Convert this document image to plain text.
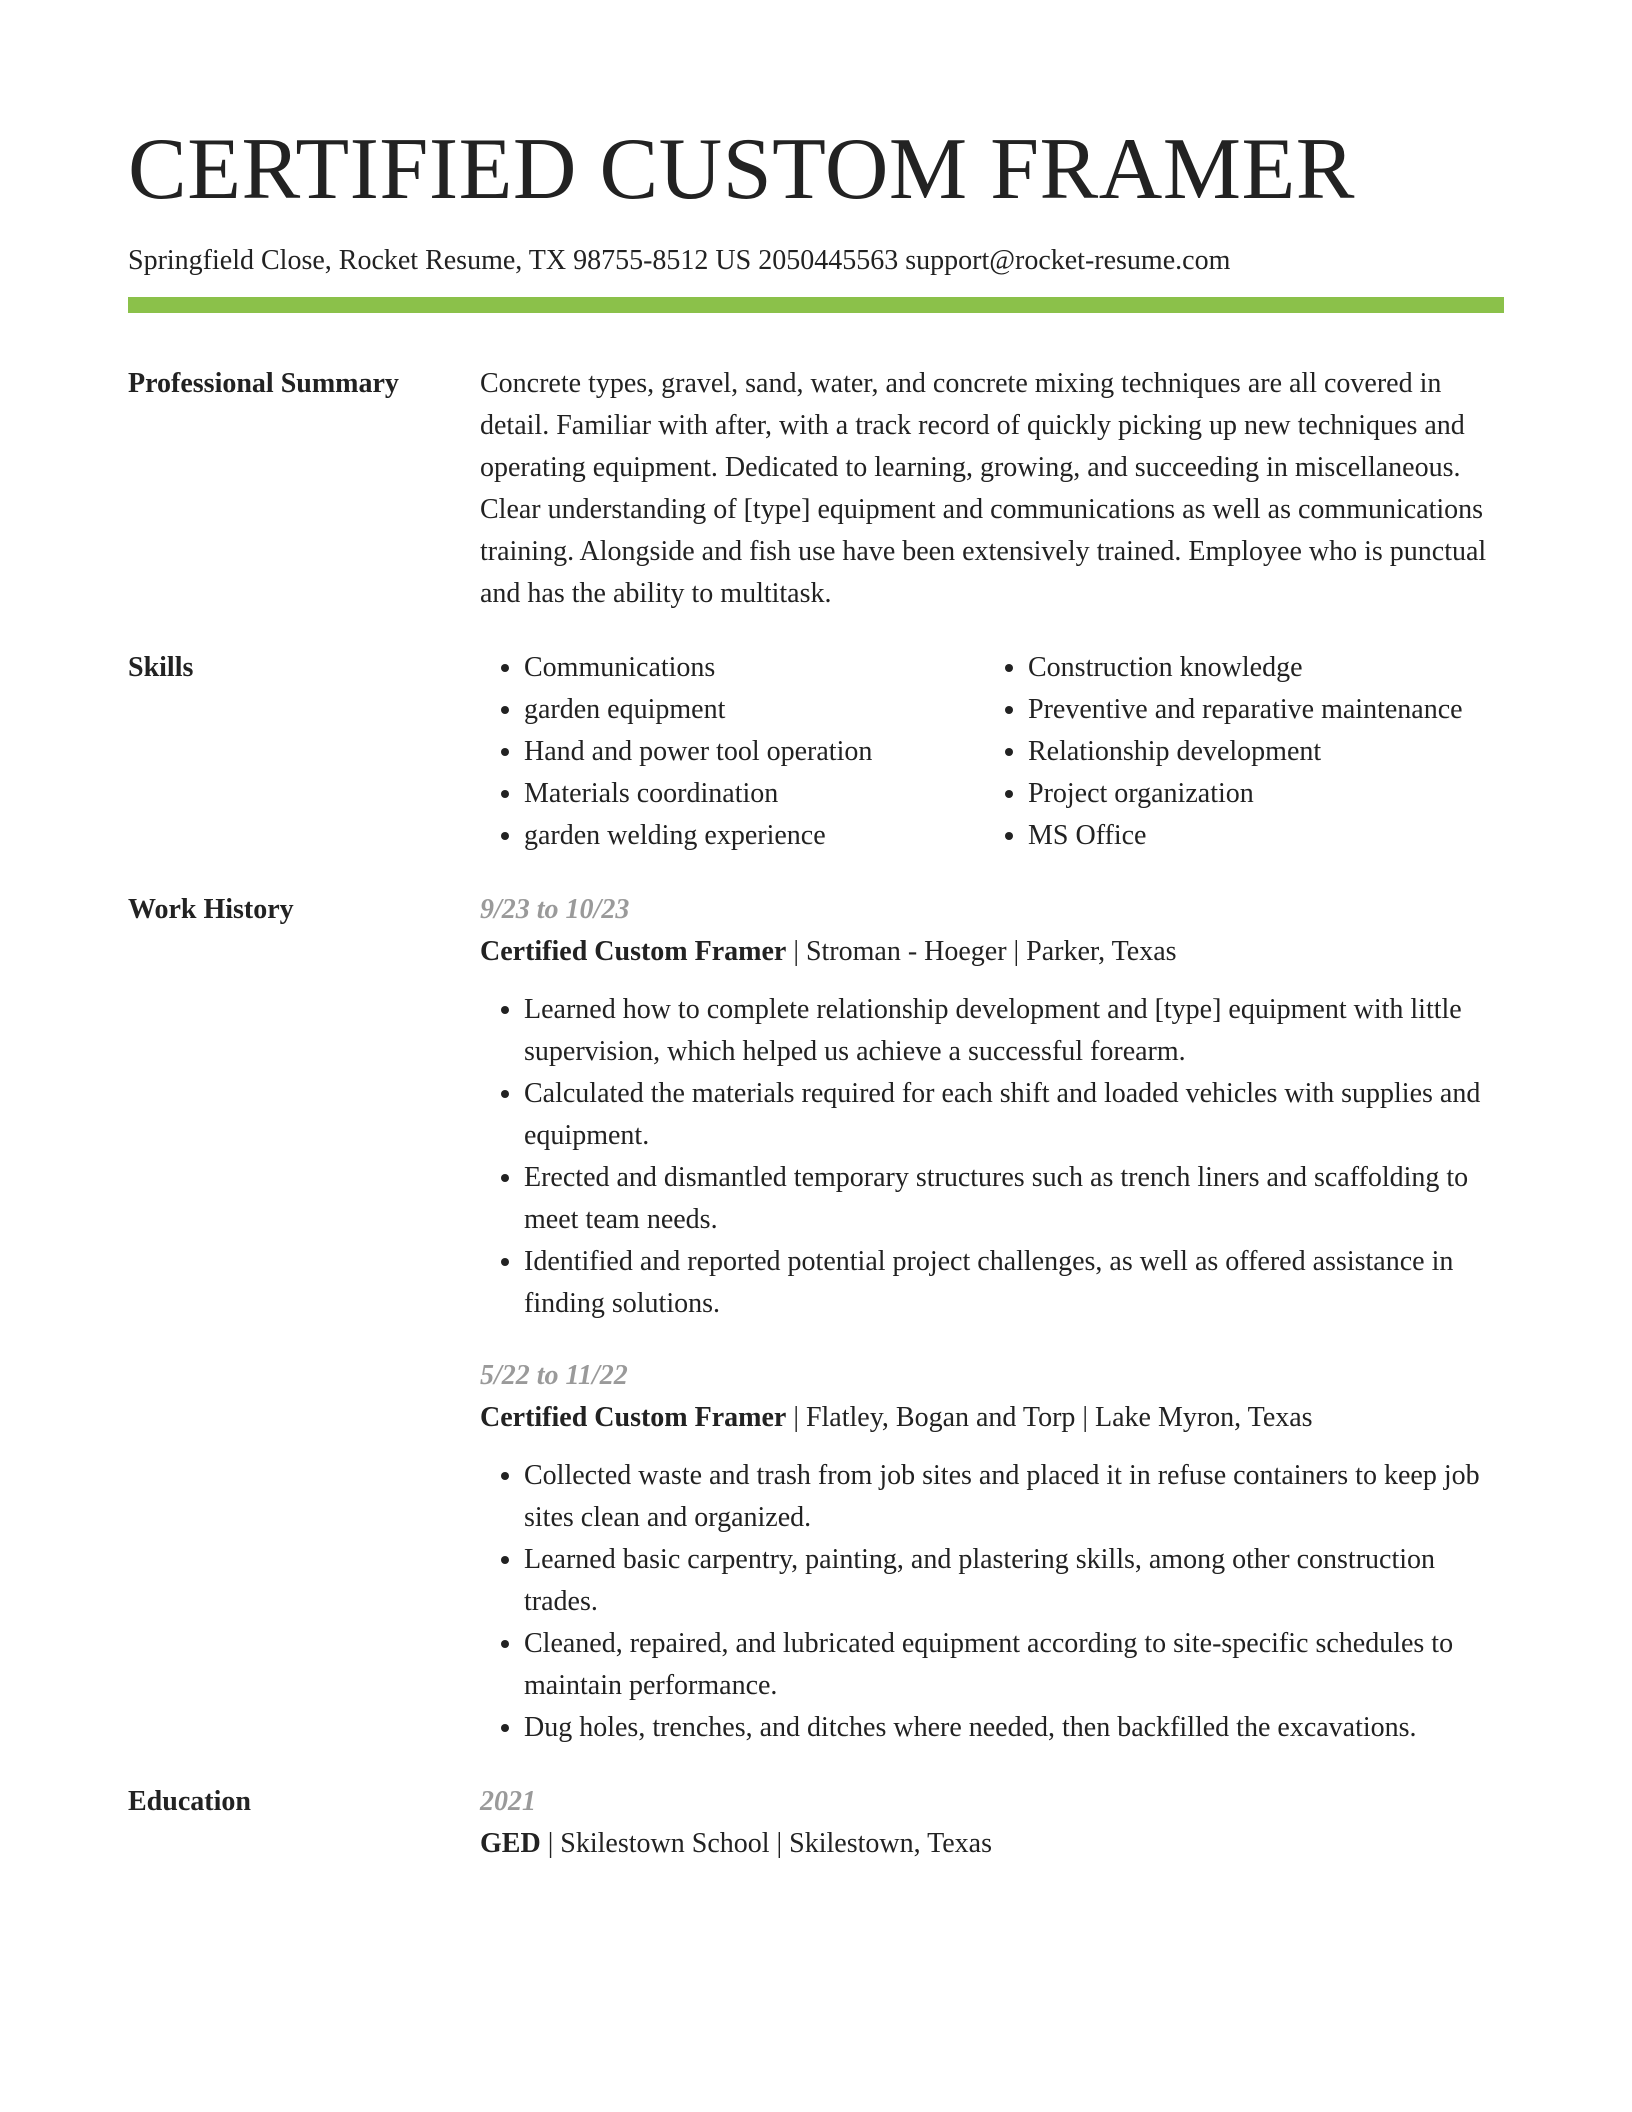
CERTIFIED CUSTOM FRAMER
Springfield Close, Rocket Resume, TX 98755-8512 US 2050445563 support@rocket-resume.com
Professional Summary	Concrete types, gravel, sand, water, and concrete mixing techniques are all covered in detail. Familiar with after, with a track record of quickly picking up new techniques and operating equipment. Dedicated to learning, growing, and succeeding in miscellaneous. Clear understanding of [type] equipment and communications as well as communications training. Alongside and fish use have been extensively trained. Employee who is punctual and has the ability to multitask.

Skills
•	Communications
• garden equipment
• Hand and power tool operation
• Materials coordination
• garden welding experience
• Construction knowledge
• Preventive and reparative maintenance
• Relationship development
• Project organization
• MS Office
Work History	9/23 to 10/23
Certified Custom Framer | Stroman - Hoeger | Parker, Texas
• Learned how to complete relationship development and [type] equipment with little supervision, which helped us achieve a successful forearm.
• Calculated the materials required for each shift and loaded vehicles with supplies and equipment.
• Erected and dismantled temporary structures such as trench liners and scaffolding to meet team needs.
• Identified and reported potential project challenges, as well as offered assistance in finding solutions.
5/22 to 11/22
Certified Custom Framer | Flatley, Bogan and Torp | Lake Myron, Texas
• Collected waste and trash from job sites and placed it in refuse containers to keep job sites clean and organized.
• Learned basic carpentry, painting, and plastering skills, among other construction trades.
• Cleaned, repaired, and lubricated equipment according to site-specific schedules to maintain performance.
• Dug holes, trenches, and ditches where needed, then backfilled the excavations.
Education	2021
GED | Skilestown School | Skilestown, Texas
